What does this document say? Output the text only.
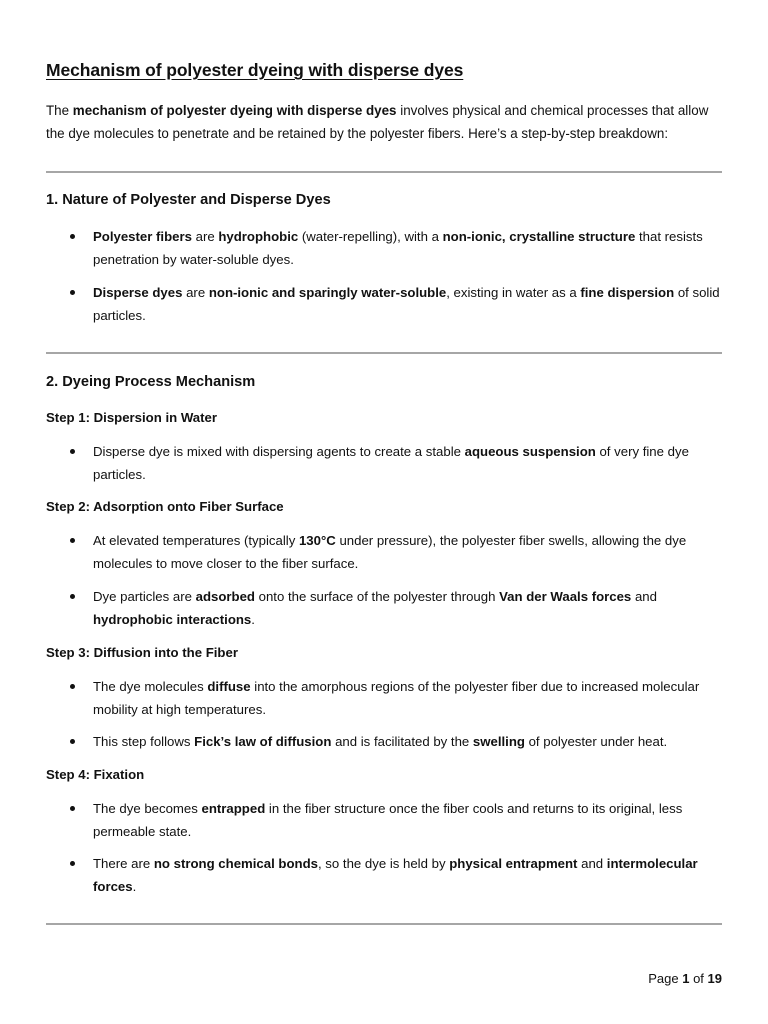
Mechanism of polyester dyeing with disperse dyes

The mechanism of polyester dyeing with disperse dyes involves physical and chemical processes that allow the dye molecules to penetrate and be retained by the polyester fibers. Here’s a step-by-step breakdown:

1. Nature of Polyester and Disperse Dyes

Polyester fibers are hydrophobic (water-repelling), with a non-ionic, crystalline structure that resists penetration by water-soluble dyes.

Disperse dyes are non-ionic and sparingly water-soluble, existing in water as a fine dispersion of solid particles.

2. Dyeing Process Mechanism

Step 1: Dispersion in Water

Disperse dye is mixed with dispersing agents to create a stable aqueous suspension of very fine dye particles.

Step 2: Adsorption onto Fiber Surface

At elevated temperatures (typically 130°C under pressure), the polyester fiber swells, allowing the dye molecules to move closer to the fiber surface.

Dye particles are adsorbed onto the surface of the polyester through Van der Waals forces and hydrophobic interactions.

Step 3: Diffusion into the Fiber

The dye molecules diffuse into the amorphous regions of the polyester fiber due to increased molecular mobility at high temperatures.

This step follows Fick’s law of diffusion and is facilitated by the swelling of polyester under heat.

Step 4: Fixation

The dye becomes entrapped in the fiber structure once the fiber cools and returns to its original, less permeable state.

There are no strong chemical bonds, so the dye is held by physical entrapment and intermolecular forces.

Page 1 of 19
